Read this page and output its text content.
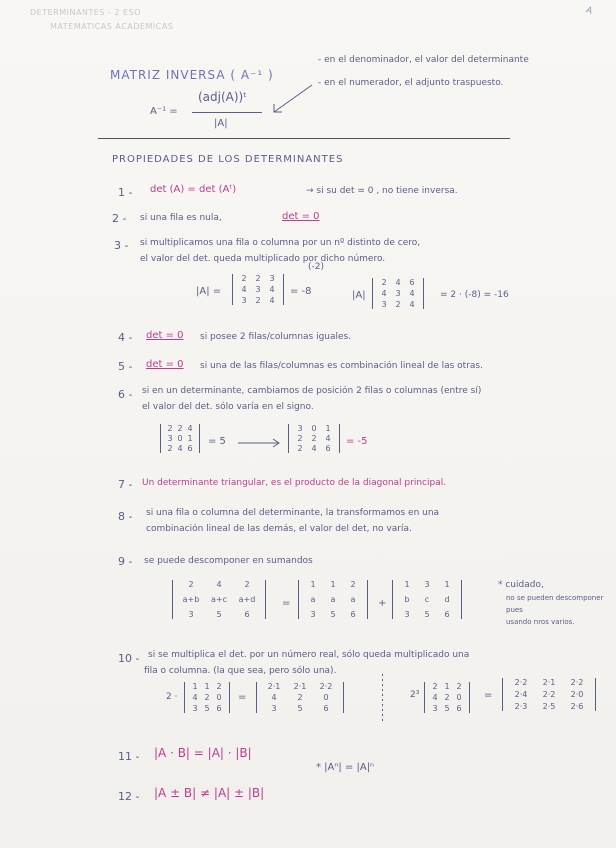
DETERMINANTES - 2 ESO
MATEMATICAS ACADEMICAS
A
MATRIZ INVERSA ( A⁻¹ )
A⁻¹ =
(adj(A))ᵗ
|A|
- en el denominador, el valor del determinante
- en el numerador, el adjunto traspuesto.
PROPIEDADES DE LOS DETERMINANTES
1 - det (A) = det (Aᵗ)	→ si su det = 0 , no tiene inversa.
2 - si una fila es nula,	det = 0
3 - si multiplicamos una fila o columna por un nº distinto de cero,
el valor del det. queda multiplicado por dicho número.
|A| =
2	2	3
4	3	4
3	2	4
= -8
(-2)
|A|
2	4	6
4	3	4
3	2	4
= 2 · (-8) = -16
4 - det = 0 si posee 2 filas/columnas iguales.
5 - det = 0 si una de las filas/columnas es combinación lineal de las otras.
6 - si en un determinante, cambiamos de posición 2 filas o columnas (entre sí)
el valor del det. sólo varía en el signo.
2 2 4
3 0 1
2 4 6
= 5
3	0	1
2	2	4
2	4	6
= -5
7 - Un determinante triangular, es el producto de la diagonal principal.
8 - si una fila o columna del determinante, la transformamos en una
combinación lineal de las demás, el valor del det, no varía.
9 - se puede descomponer en sumandos
2	4	2
a+b	a+c	a+d
3	5	6
=
1	1	2
a	a	a
3	5	6
+
1	3	1
b	c	d
3	5	6
* cuidado,
no se pueden descomponer
pues
usando nros varios.
10 - si se multiplica el det. por un número real, sólo queda multiplicado una
fila o columna. (la que sea, pero sólo una).
2 ·
1 1 2
4 2 0
3 5 6
=
2·1	2·1	2·2
4	2	0
3	5	6
2³
2 1 2
4 2 0
3 5 6
=
2·2	2·1	2·2
2·4	2·2	2·0
2·3	2·5	2·6
11 - |A · B| = |A| · |B|
* |Aⁿ| = |A|ⁿ
12 - |A ± B| ≠ |A| ± |B|
